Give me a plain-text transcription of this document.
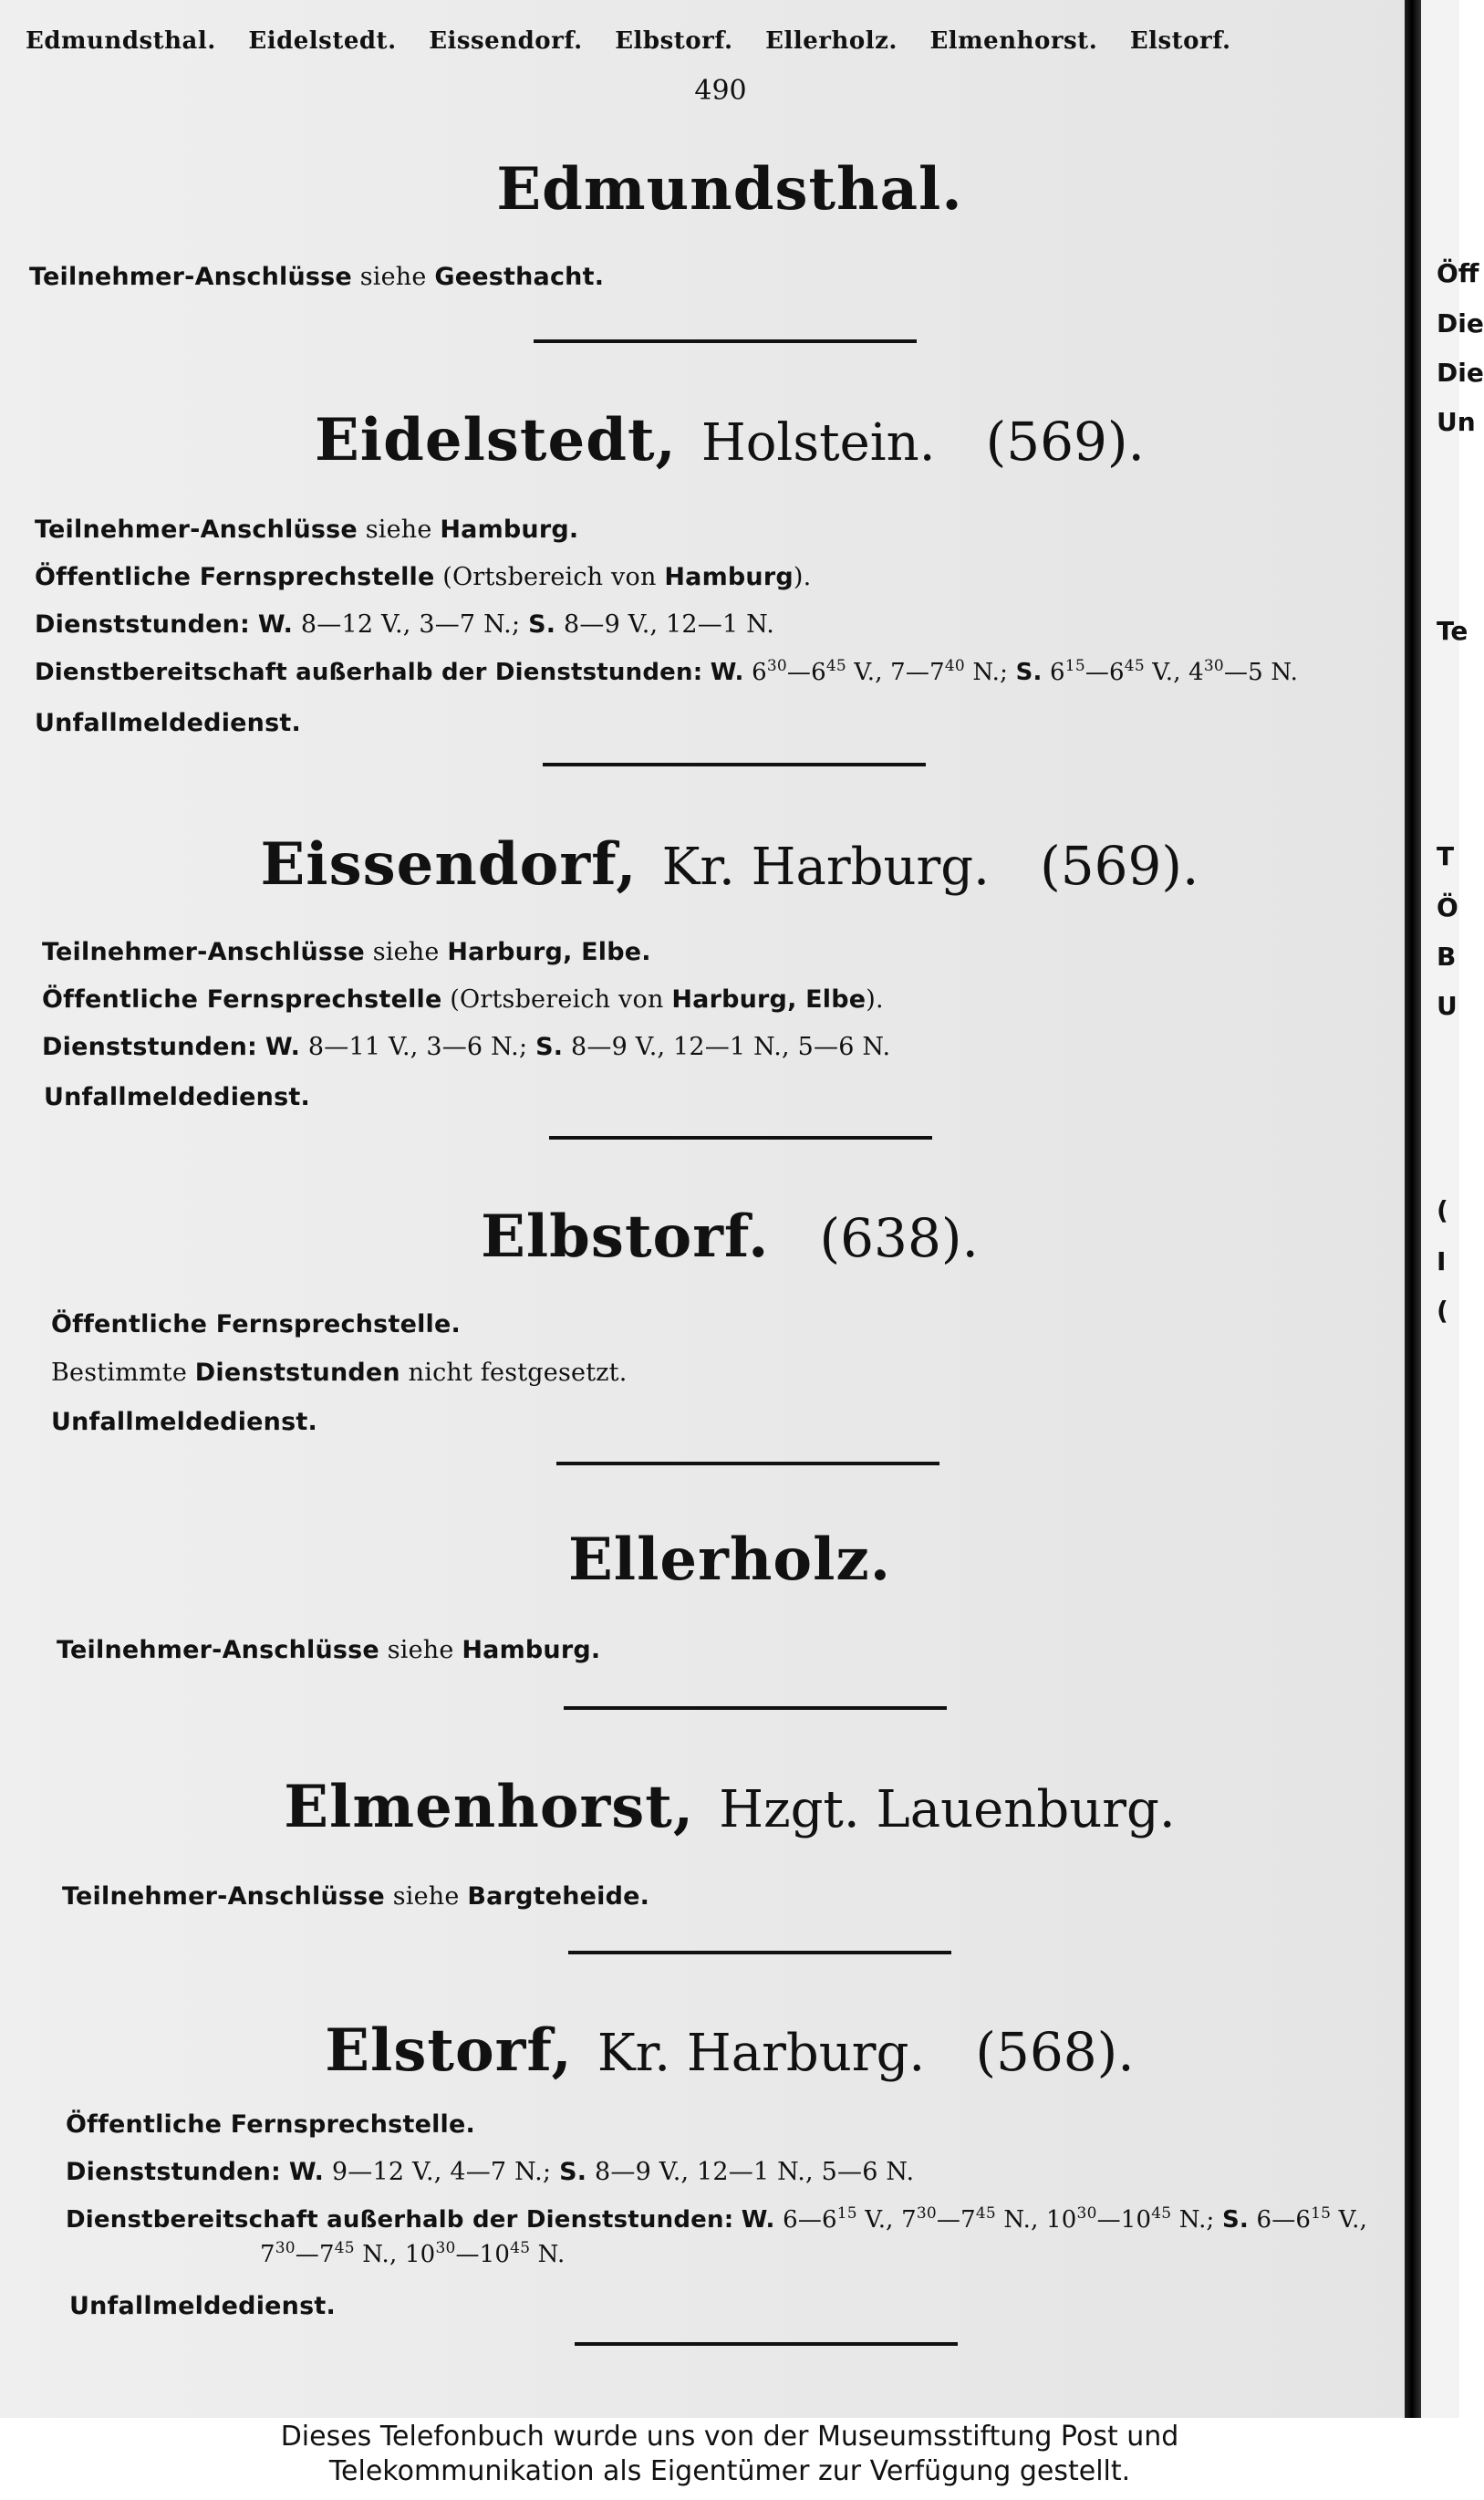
Edmundsthal. Eidelstedt. Eissendorf. Elbstorf. Ellerholz. Elmenhorst. Elstorf.
490
Edmundsthal.
Teilnehmer-Anschlüsse siehe Geesthacht.
Eidelstedt, Holstein. (569).
Teilnehmer-Anschlüsse siehe Hamburg.
Öffentliche Fernsprechstelle (Ortsbereich von Hamburg).
Dienststunden: W. 8—12 V., 3—7 N.; S. 8—9 V., 12—1 N.
Dienstbereitschaft außerhalb der Dienststunden: W. $6^{30}—6^{45}$ V., $7—7^{40}$ N.; S. $6^{15}—6^{45}$ V., $4^{30}—5$ N.
Unfallmeldedienst.
Eissendorf, Kr. Harburg. (569).
Teilnehmer-Anschlüsse siehe Harburg, Elbe.
Öffentliche Fernsprechstelle (Ortsbereich von Harburg, Elbe).
Dienststunden: W. 8—11 V., 3—6 N.; S. 8—9 V., 12—1 N., 5—6 N.
Unfallmeldedienst.
Elbstorf. (638).
Öffentliche Fernsprechstelle.
Bestimmte Dienststunden nicht festgesetzt.
Unfallmeldedienst.
Ellerholz.
Teilnehmer-Anschlüsse siehe Hamburg.
Elmenhorst, Hzgt. Lauenburg.
Teilnehmer-Anschlüsse siehe Bargteheide.
Elstorf, Kr. Harburg. (568).
Öffentliche Fernsprechstelle.
Dienststunden: W. 9—12 V., 4—7 N.; S. 8—9 V., 12—1 N., 5—6 N.
Dienstbereitschaft außerhalb der Dienststunden: W. $6—6^{15}$ V., $7^{30}—7^{45}$ N., $10^{30}—10^{45}$ N.; S. $6—6^{15}$ V.,
$7^{30}—7^{45}$ N., $10^{30}—10^{45}$ N.
Unfallmeldedienst.
Öff
Die
Die
Un
Te
T
Ö
B
U
(
I
(
Dieses Telefonbuch wurde uns von der Museumsstiftung Post und
Telekommunikation als Eigentümer zur Verfügung gestellt.
